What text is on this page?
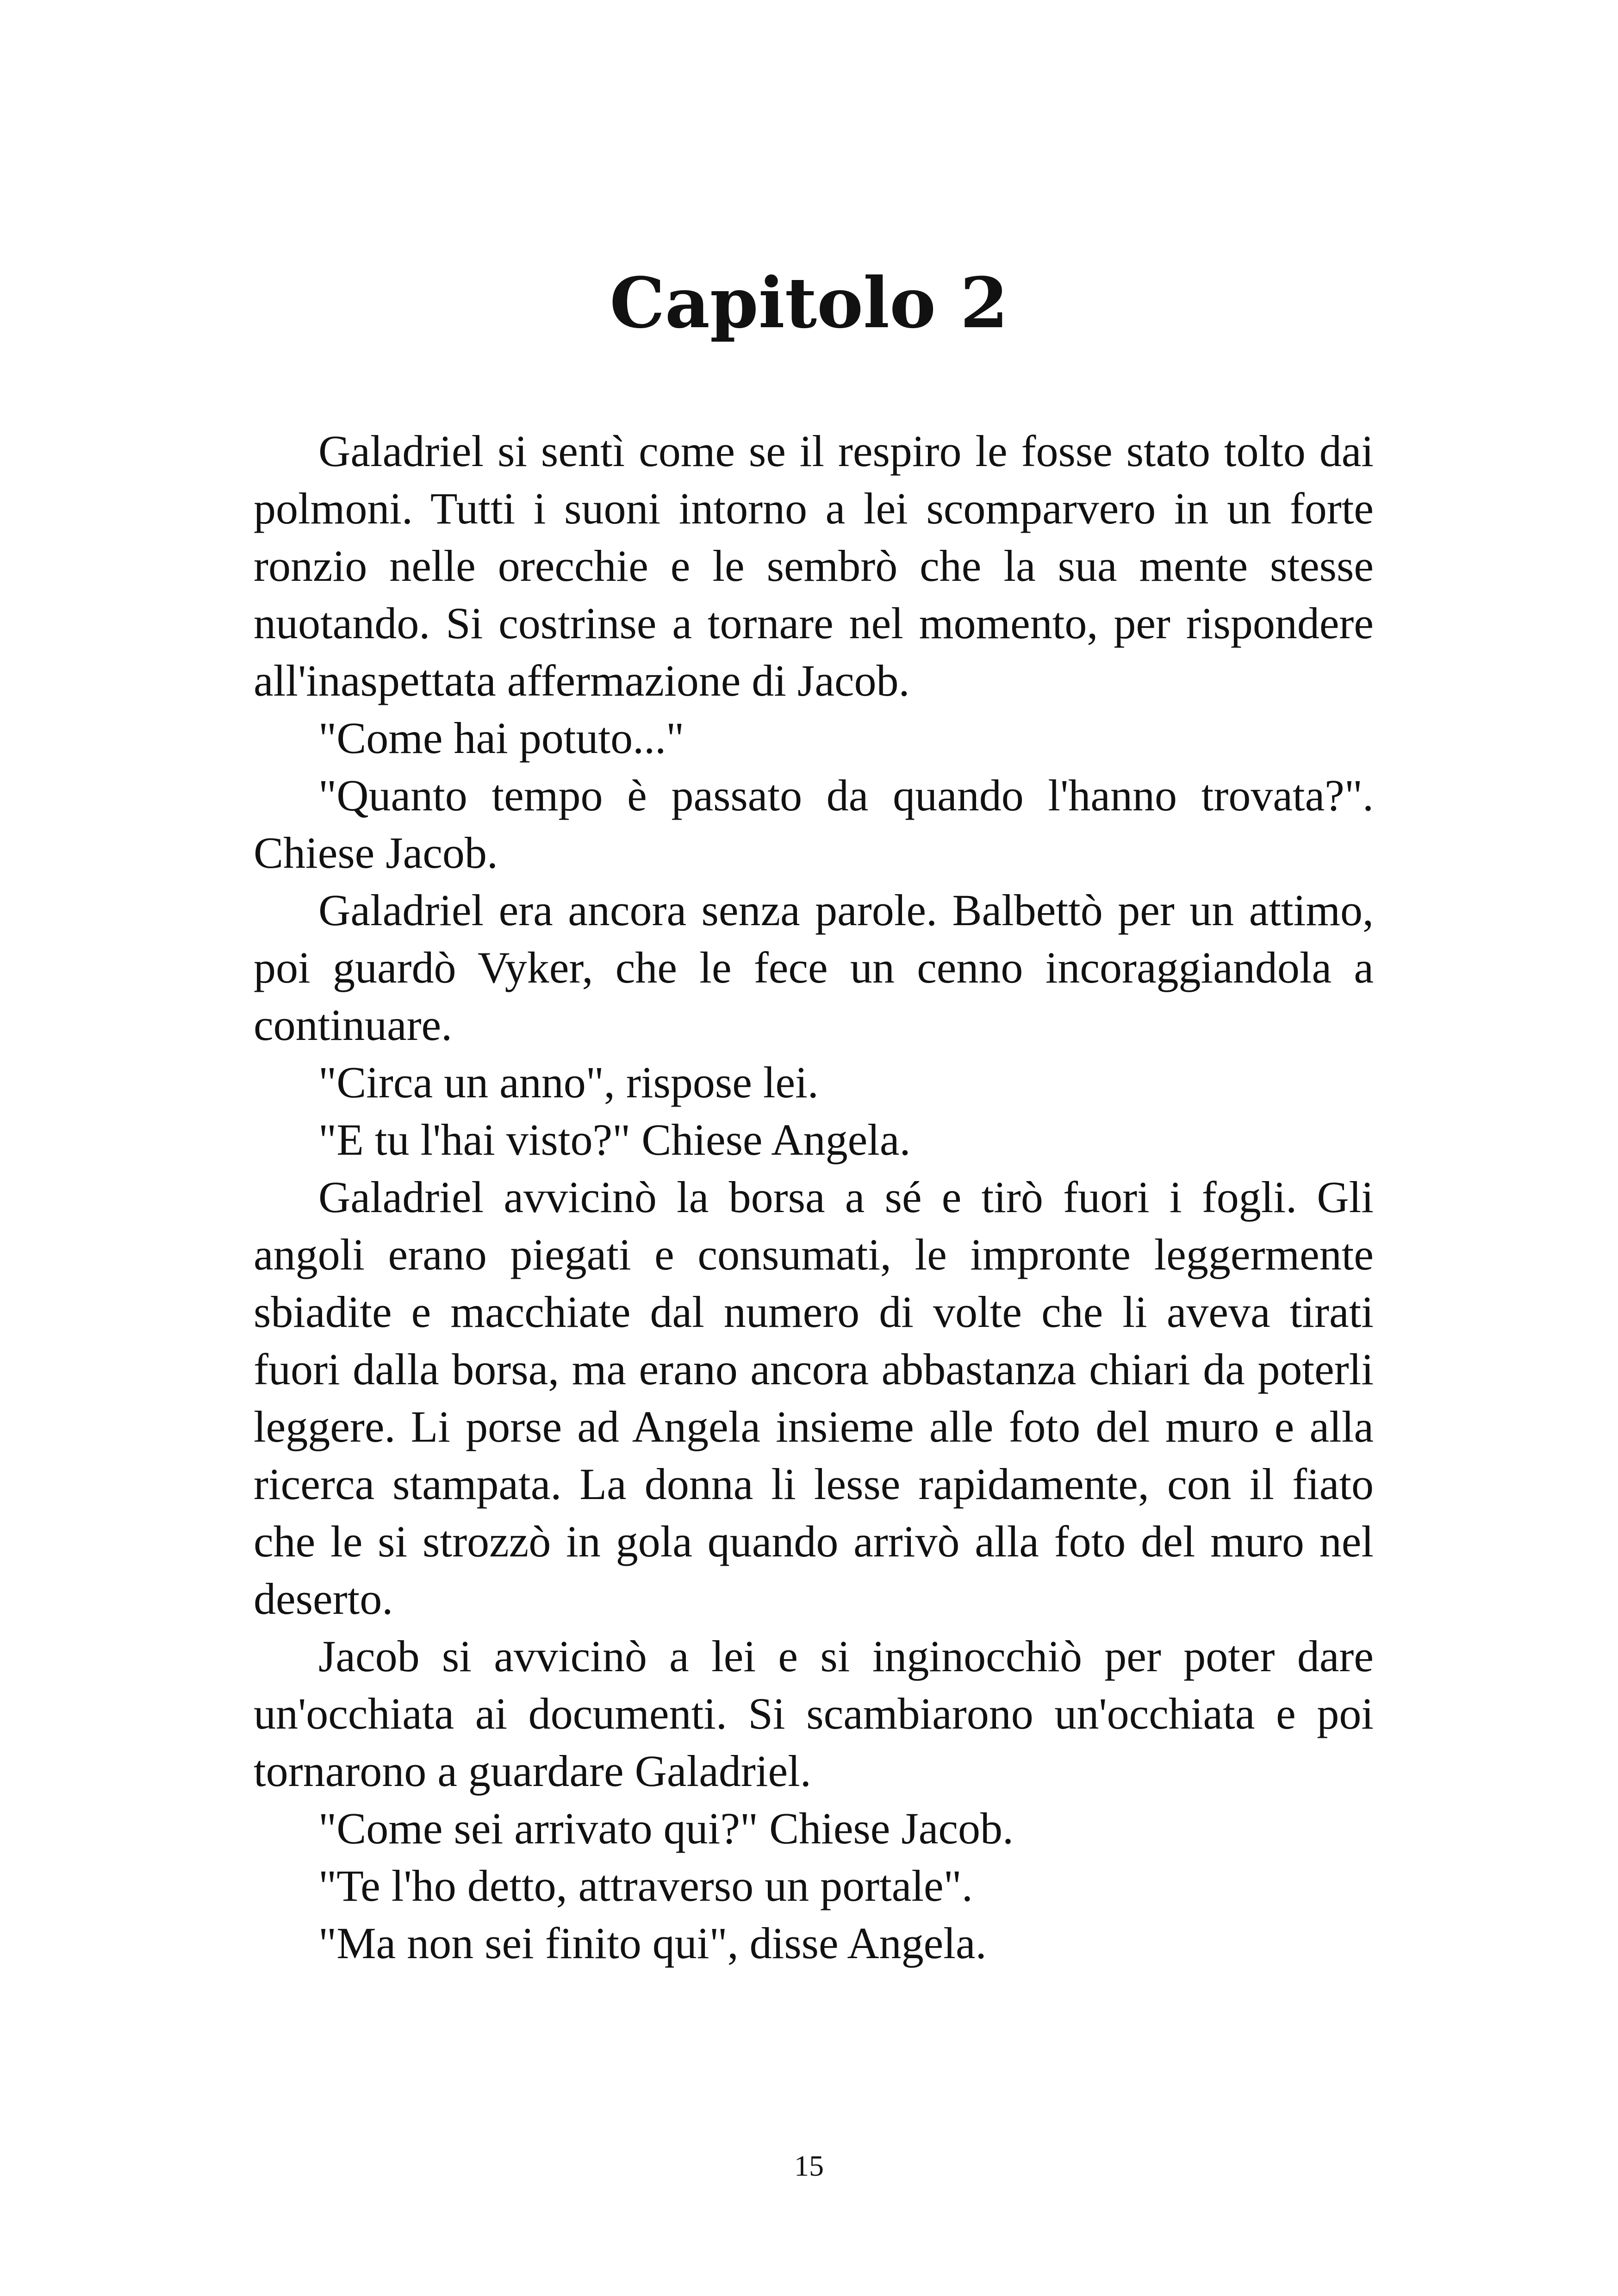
Capitolo 2

Galadriel si sentì come se il respiro le fosse stato tolto dai polmoni. Tutti i suoni intorno a lei scomparvero in un forte ronzio nelle orecchie e le sembrò che la sua mente stesse nuotando. Si costrinse a tornare nel momento, per rispondere all'inaspettata affermazione di Jacob.

"Come hai potuto..."

"Quanto tempo è passato da quando l'hanno trovata?". Chiese Jacob.

Galadriel era ancora senza parole. Balbettò per un attimo, poi guardò Vyker, che le fece un cenno incoraggiandola a continuare.

"Circa un anno", rispose lei.

"E tu l'hai visto?" Chiese Angela.

Galadriel avvicinò la borsa a sé e tirò fuori i fogli. Gli angoli erano piegati e consumati, le impronte leggermente sbiadite e macchiate dal numero di volte che li aveva tirati fuori dalla borsa, ma erano ancora abbastanza chiari da poterli leggere. Li porse ad Angela insieme alle foto del muro e alla ricerca stampata. La donna li lesse rapidamente, con il fiato che le si strozzò in gola quando arrivò alla foto del muro nel deserto.

Jacob si avvicinò a lei e si inginocchiò per poter dare un'occhiata ai documenti. Si scambiarono un'occhiata e poi tornarono a guardare Galadriel.

"Come sei arrivato qui?" Chiese Jacob.

"Te l'ho detto, attraverso un portale".

"Ma non sei finito qui", disse Angela.

15
